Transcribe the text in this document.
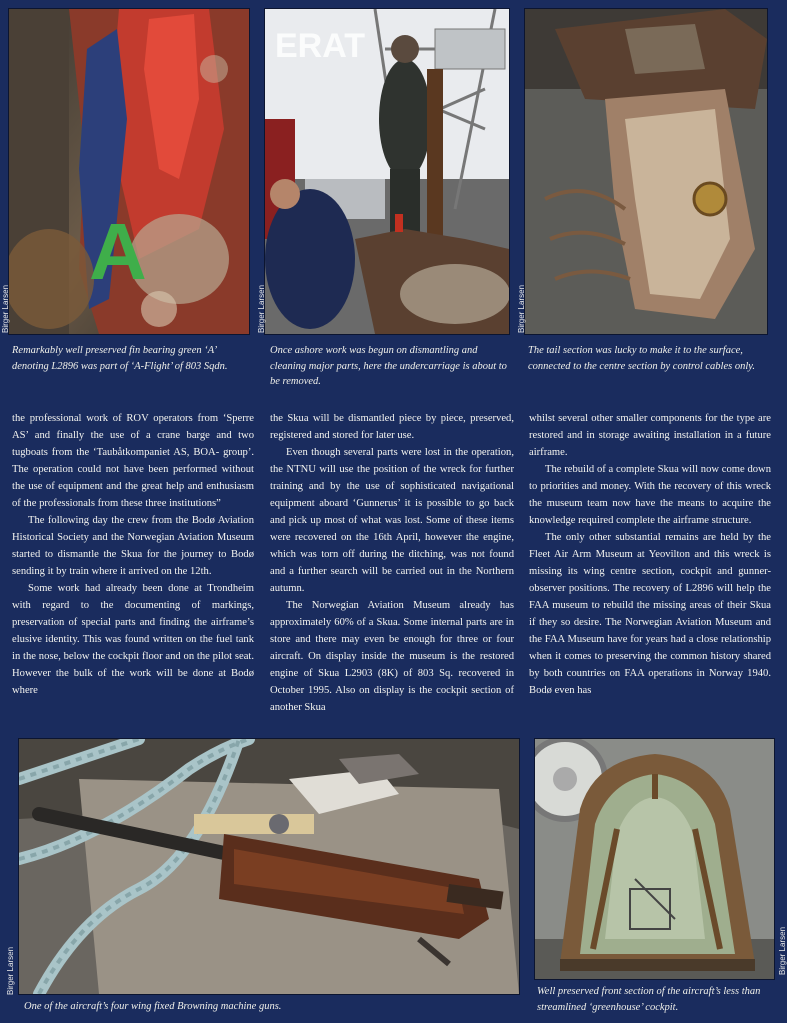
A
Birger Larsen
ERAT
Birger Larsen	Birger Larsen
Remarkably well preserved fin bearing green ‘A’ denoting L2896 was part of ‘A-Flight’ of 803 Sqdn.
Once ashore work was begun on dismantling and cleaning major parts, here the undercarriage is about to be removed.
The tail section was lucky to make it to the surface, connected to the centre section by control cables only.

the professional work of ROV operators from ‘Sperre AS’ and finally the use of a crane barge and two tugboats from the ‘Taubåtkompaniet AS, BOA- group’. The operation could not have been performed without the use of equipment and the great help and enthusiasm of the professionals from these three institutions”

The following day the crew from the Bodø Aviation Historical Society and the Norwegian Aviation Museum started to dismantle the Skua for the journey to Bodø sending it by train where it arrived on the 12th.

Some work had already been done at Trondheim with regard to the documenting of markings, preservation of special parts and finding the airframe’s elusive identity. This was found written on the fuel tank in the nose, below the cockpit floor and on the pilot seat. However the bulk of the work will be done at Bodø where

the Skua will be dismantled piece by piece, preserved, registered and stored for later use.

Even though several parts were lost in the operation, the NTNU will use the position of the wreck for further training and by the use of sophisticated navigational equipment aboard ‘Gunnerus’ it is possible to go back and pick up most of what was lost. Some of these items were recovered on the 16th April, however the engine, which was torn off during the ditching, was not found and a further search will be carried out in the Northern autumn.

The Norwegian Aviation Museum already has approximately 60% of a Skua. Some internal parts are in store and there may even be enough for three or four aircraft. On display inside the museum is the restored engine of Skua L2903 (8K) of 803 Sq. recovered in October 1995. Also on display is the cockpit section of another Skua

whilst several other smaller components for the type are restored and in storage awaiting installation in a future airframe.

The rebuild of a complete Skua will now come down to priorities and money. With the recovery of this wreck the museum team now have the means to acquire the knowledge required complete the airframe structure.

The only other substantial remains are held by the Fleet Air Arm Museum at Yeovilton and this wreck is missing its wing centre section, cockpit and gunner-observer positions. The recovery of L2896 will help the FAA museum to rebuild the missing areas of their Skua if they so desire. The Norwegian Aviation Museum and the FAA Museum have for years had a close relationship when it comes to preserving the common history shared by both countries on FAA operations in Norway 1940. Bodø even has

Birger Larsen	Birger Larsen
One of the aircraft’s four wing fixed Browning machine guns.
Well preserved front section of the aircraft’s less than streamlined ‘greenhouse’ cockpit.
